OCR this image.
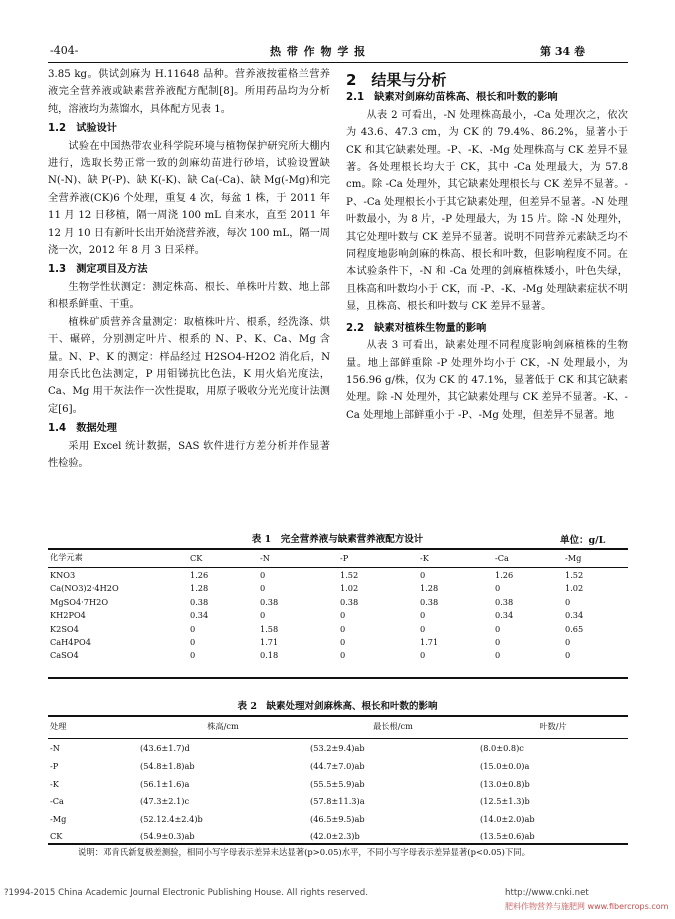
-404-	热 带 作 物 学 报	第 34 卷

3.85 kg。供试剑麻为 H.11648 品种。营养液按霍格兰营养液完全营养液或缺素营养液配方配制[8]。所用药品均为分析纯，溶液均为蒸馏水，具体配方见表 1。

1.2　试验设计

试验在中国热带农业科学院环境与植物保护研究所大棚内进行，选取长势正常一致的剑麻幼苗进行砂培，试验设置缺 N(-N)、缺 P(-P)、缺 K(-K)、缺 Ca(-Ca)、缺 Mg(-Mg)和完全营养液(CK)6 个处理，重复 4 次，每盆 1 株，于 2011 年 11 月 12 日移植，隔一周浇 100 mL 自来水，直至 2011 年 12 月 10 日有新叶长出开始浇营养液，每次 100 mL，隔一周浇一次，2012 年 8 月 3 日采样。

1.3　测定项目及方法

生物学性状测定：测定株高、根长、单株叶片数、地上部和根系鲜重、干重。

植株矿质营养含量测定：取植株叶片、根系，经洗涤、烘干、碾碎，分别测定叶片、根系的 N、P、K、Ca、Mg 含量。N、P、K 的测定：样品经过 H2SO4-H2O2 消化后，N 用奈氏比色法测定，P 用钼锑抗比色法，K 用火焰光度法，Ca、Mg 用干灰法作一次性提取，用原子吸收分光光度计法测定[6]。

1.4　数据处理

采用 Excel 统计数据，SAS 软件进行方差分析并作显著性检验。

2　结果与分析

2.1　缺素对剑麻幼苗株高、根长和叶数的影响

从表 2 可看出，-N 处理株高最小，-Ca 处理次之，依次为 43.6、47.3 cm，为 CK 的 79.4%、86.2%，显著小于 CK 和其它缺素处理。-P、-K、-Mg 处理株高与 CK 差异不显著。各处理根长均大于 CK，其中 -Ca 处理最大，为 57.8 cm。除 -Ca 处理外，其它缺素处理根长与 CK 差异不显著。-P、-Ca 处理根长小于其它缺素处理，但差异不显著。-N 处理叶数最小，为 8 片，-P 处理最大，为 15 片。除 -N 处理外，其它处理叶数与 CK 差异不显著。说明不同营养元素缺乏均不同程度地影响剑麻的株高、根长和叶数，但影响程度不同。在本试验条件下，-N 和 -Ca 处理的剑麻植株矮小，叶色失绿，且株高和叶数均小于 CK，而 -P、-K、-Mg 处理缺素症状不明显，且株高、根长和叶数与 CK 差异不显著。

2.2　缺素对植株生物量的影响

从表 3 可看出，缺素处理不同程度影响剑麻植株的生物量。地上部鲜重除 -P 处理外均小于 CK，-N 处理最小，为 156.96 g/株，仅为 CK 的 47.1%，显著低于 CK 和其它缺素处理。除 -N 处理外，其它缺素处理与 CK 差异不显著。-K、-Ca 处理地上部鲜重小于 -P、-Mg 处理，但差异不显著。地

表 1　完全营养液与缺素营养液配方设计	单位：g/L
化学元素	CK	-N	-P	-K	-Ca	-Mg

KNO3	1.26	0	1.52	0	1.26	1.52
Ca(NO3)2·4H2O	1.28	0	1.02	1.28	0	1.02
MgSO4·7H2O	0.38	0.38	0.38	0.38	0.38	0
KH2PO4	0.34	0	0	0	0.34	0.34
K2SO4	0	1.58	0	0	0	0.65
CaH4PO4	0	1.71	0	1.71	0	0
CaSO4	0	0.18	0	0	0	0
表 2　缺素处理对剑麻株高、根长和叶数的影响
处理	株高/cm	最长根/cm	叶数/片

-N	(43.6±1.7)d	(53.2±9.4)ab	(8.0±0.8)c
-P	(54.8±1.8)ab	(44.7±7.0)ab	(15.0±0.0)a
-K	(56.1±1.6)a	(55.5±5.9)ab	(13.0±0.8)b
-Ca	(47.3±2.1)c	(57.8±11.3)a	(12.5±1.3)b
-Mg	(52.12.4±2.4)b	(46.5±9.5)ab	(14.0±2.0)ab
CK	(54.9±0.3)ab	(42.0±2.3)b	(13.5±0.6)ab
说明：邓肯氏新复极差测验，相同小写字母表示差异未达显著(p>0.05)水平，不同小写字母表示差异显著(p<0.05)下同。
?1994-2015 China Academic Journal Electronic Publishing House. All rights reserved.	http://www.cnki.net
肥料作物营养与施肥网 www.fibercrops.com
